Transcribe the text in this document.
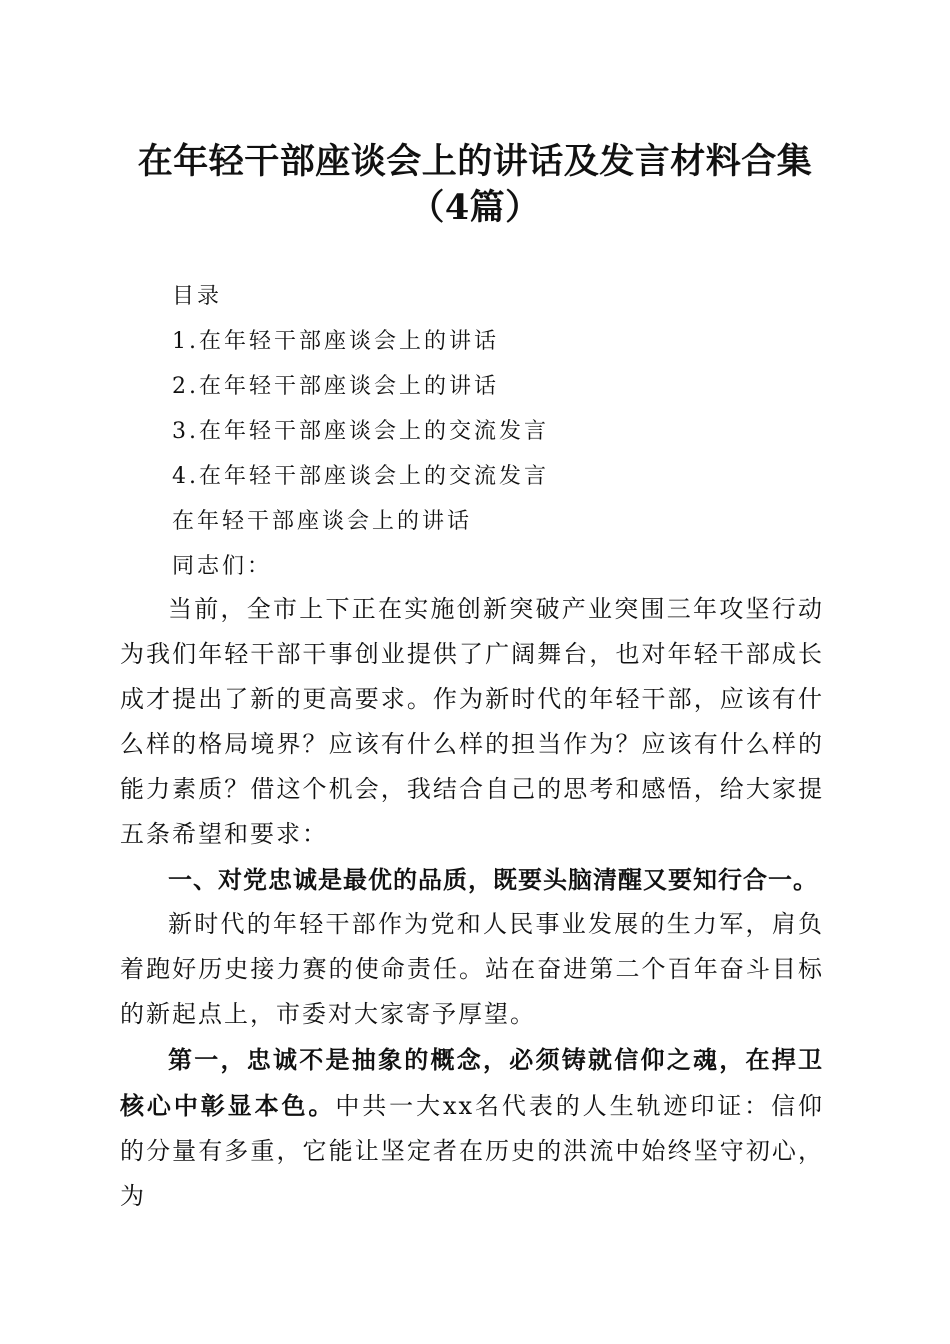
在年轻干部座谈会上的讲话及发言材料合集
（4篇）
目录
1.在年轻干部座谈会上的讲话
2.在年轻干部座谈会上的讲话
3.在年轻干部座谈会上的交流发言
4.在年轻干部座谈会上的交流发言
在年轻干部座谈会上的讲话
同志们：

当前，全市上下正在实施创新突破产业突围三年攻坚行动为我们年轻干部干事创业提供了广阔舞台，也对年轻干部成长成才提出了新的更高要求。作为新时代的年轻干部，应该有什么样的格局境界？应该有什么样的担当作为？应该有什么样的能力素质？借这个机会，我结合自己的思考和感悟，给大家提五条希望和要求：

一、对党忠诚是最优的品质，既要头脑清醒又要知行合一。

新时代的年轻干部作为党和人民事业发展的生力军，肩负着跑好历史接力赛的使命责任。站在奋进第二个百年奋斗目标的新起点上，市委对大家寄予厚望。

第一，忠诚不是抽象的概念，必须铸就信仰之魂，在捍卫核心中彰显本色。中共一大xx名代表的人生轨迹印证：信仰的分量有多重，它能让坚定者在历史的洪流中始终坚守初心，为
